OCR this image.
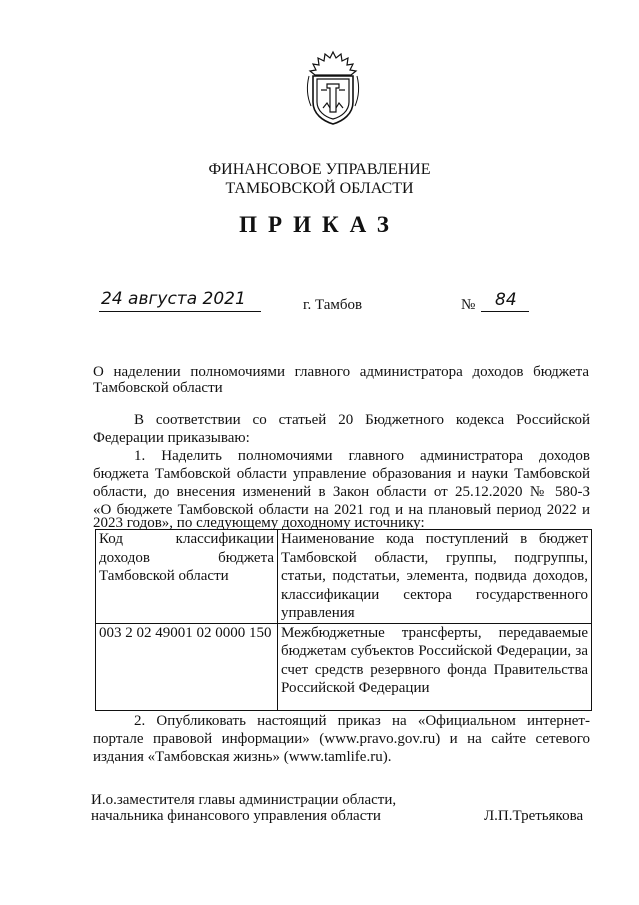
ФИНАНСОВОЕ УПРАВЛЕНИЕ
ТАМБОВСКОЙ ОБЛАСТИ
ПРИКАЗ
24 августа 2021	г. Тамбов	№ 84
О наделении полномочиями главного администратора доходов бюджета
Тамбовской области
В соответствии со статьей 20 Бюджетного кодекса Российской
Федерации приказываю:
1. Наделить полномочиями главного администратора доходов
бюджета Тамбовской области управление образования и науки Тамбовской
области, до внесения изменений в Закон области от 25.12.2020 № 580-З
«О бюджете Тамбовской области на 2021 год и на плановый период 2022 и
2023 годов», по следующему доходному источнику:
Код классификации доходов бюджета Тамбовской области	Наименование кода поступлений в бюджет Тамбовской области, группы, подгруппы, статьи, подстатьи, элемента, подвида доходов, классификации сектора государственного управления
003 2 02 49001 02 0000 150	Межбюджетные трансферты, передаваемые бюджетам субъектов Российской Федерации, за счет средств резервного фонда Правительства Российской Федерации
2. Опубликовать настоящий приказ на «Официальном интернет-
портале правовой информации» (www.pravo.gov.ru) и на сайте сетевого
издания «Тамбовская жизнь» (www.tamlife.ru).
И.о.заместителя главы администрации области,
начальника финансового управления области	Л.П.Третьякова
